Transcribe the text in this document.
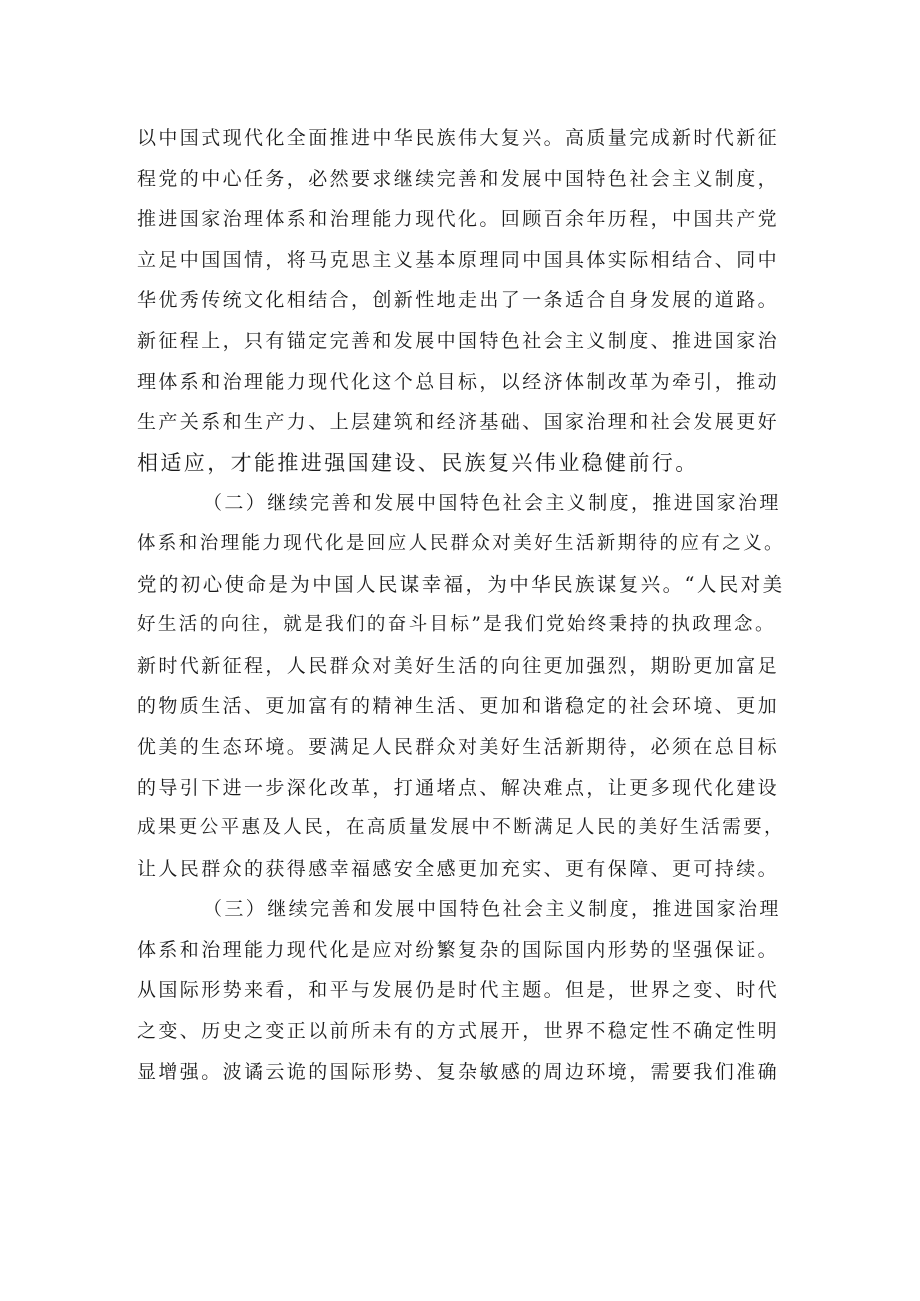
以中国式现代化全面推进中华民族伟大复兴。高质量完成新时代新征
程党的中心任务，必然要求继续完善和发展中国特色社会主义制度，
推进国家治理体系和治理能力现代化。回顾百余年历程，中国共产党
立足中国国情，将马克思主义基本原理同中国具体实际相结合、同中
华优秀传统文化相结合，创新性地走出了一条适合自身发展的道路。
新征程上，只有锚定完善和发展中国特色社会主义制度、推进国家治
理体系和治理能力现代化这个总目标，以经济体制改革为牵引，推动
生产关系和生产力、上层建筑和经济基础、国家治理和社会发展更好
相适应，才能推进强国建设、民族复兴伟业稳健前行。
（二）继续完善和发展中国特色社会主义制度，推进国家治理
体系和治理能力现代化是回应人民群众对美好生活新期待的应有之义。
党的初心使命是为中国人民谋幸福，为中华民族谋复兴。“人民对美
好生活的向往，就是我们的奋斗目标”是我们党始终秉持的执政理念。
新时代新征程，人民群众对美好生活的向往更加强烈，期盼更加富足
的物质生活、更加富有的精神生活、更加和谐稳定的社会环境、更加
优美的生态环境。要满足人民群众对美好生活新期待，必须在总目标
的导引下进一步深化改革，打通堵点、解决难点，让更多现代化建设
成果更公平惠及人民，在高质量发展中不断满足人民的美好生活需要，
让人民群众的获得感幸福感安全感更加充实、更有保障、更可持续。
（三）继续完善和发展中国特色社会主义制度，推进国家治理
体系和治理能力现代化是应对纷繁复杂的国际国内形势的坚强保证。
从国际形势来看，和平与发展仍是时代主题。但是，世界之变、时代
之变、历史之变正以前所未有的方式展开，世界不稳定性不确定性明
显增强。波谲云诡的国际形势、复杂敏感的周边环境，需要我们准确
